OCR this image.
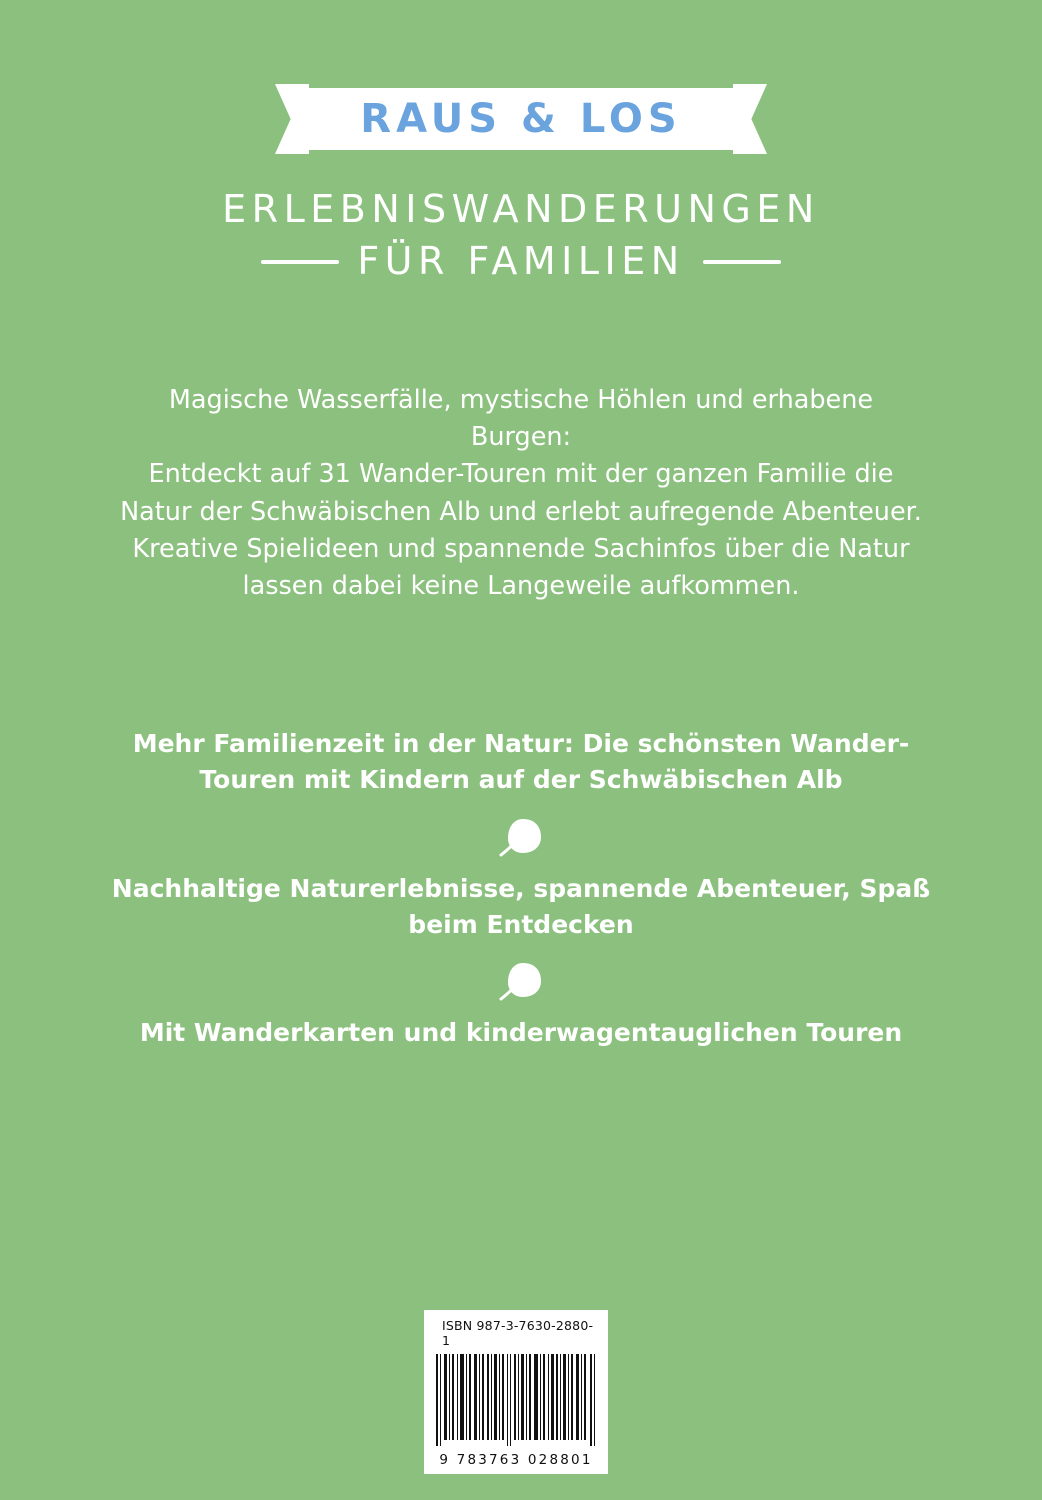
RAUS & LOS
ERLEBNISWANDERUNGEN
FÜR FAMILIEN

Magische Wasserfälle, mystische Höhlen und erhabene Burgen:

Entdeckt auf 31 Wander-Touren mit der ganzen Familie die

Natur der Schwäbischen Alb und erlebt aufregende Abenteuer.

Kreative Spielideen und spannende Sachinfos über die Natur

lassen dabei keine Langeweile aufkommen.

Mehr Familienzeit in der Natur: Die schönsten Wander-Touren mit Kindern auf der Schwäbischen Alb
Nachhaltige Naturerlebnisse, spannende Abenteuer, Spaß beim Entdecken
Mit Wanderkarten und kinderwagentauglichen Touren
ISBN 987-3-7630-2880-1
9 783763 028801
